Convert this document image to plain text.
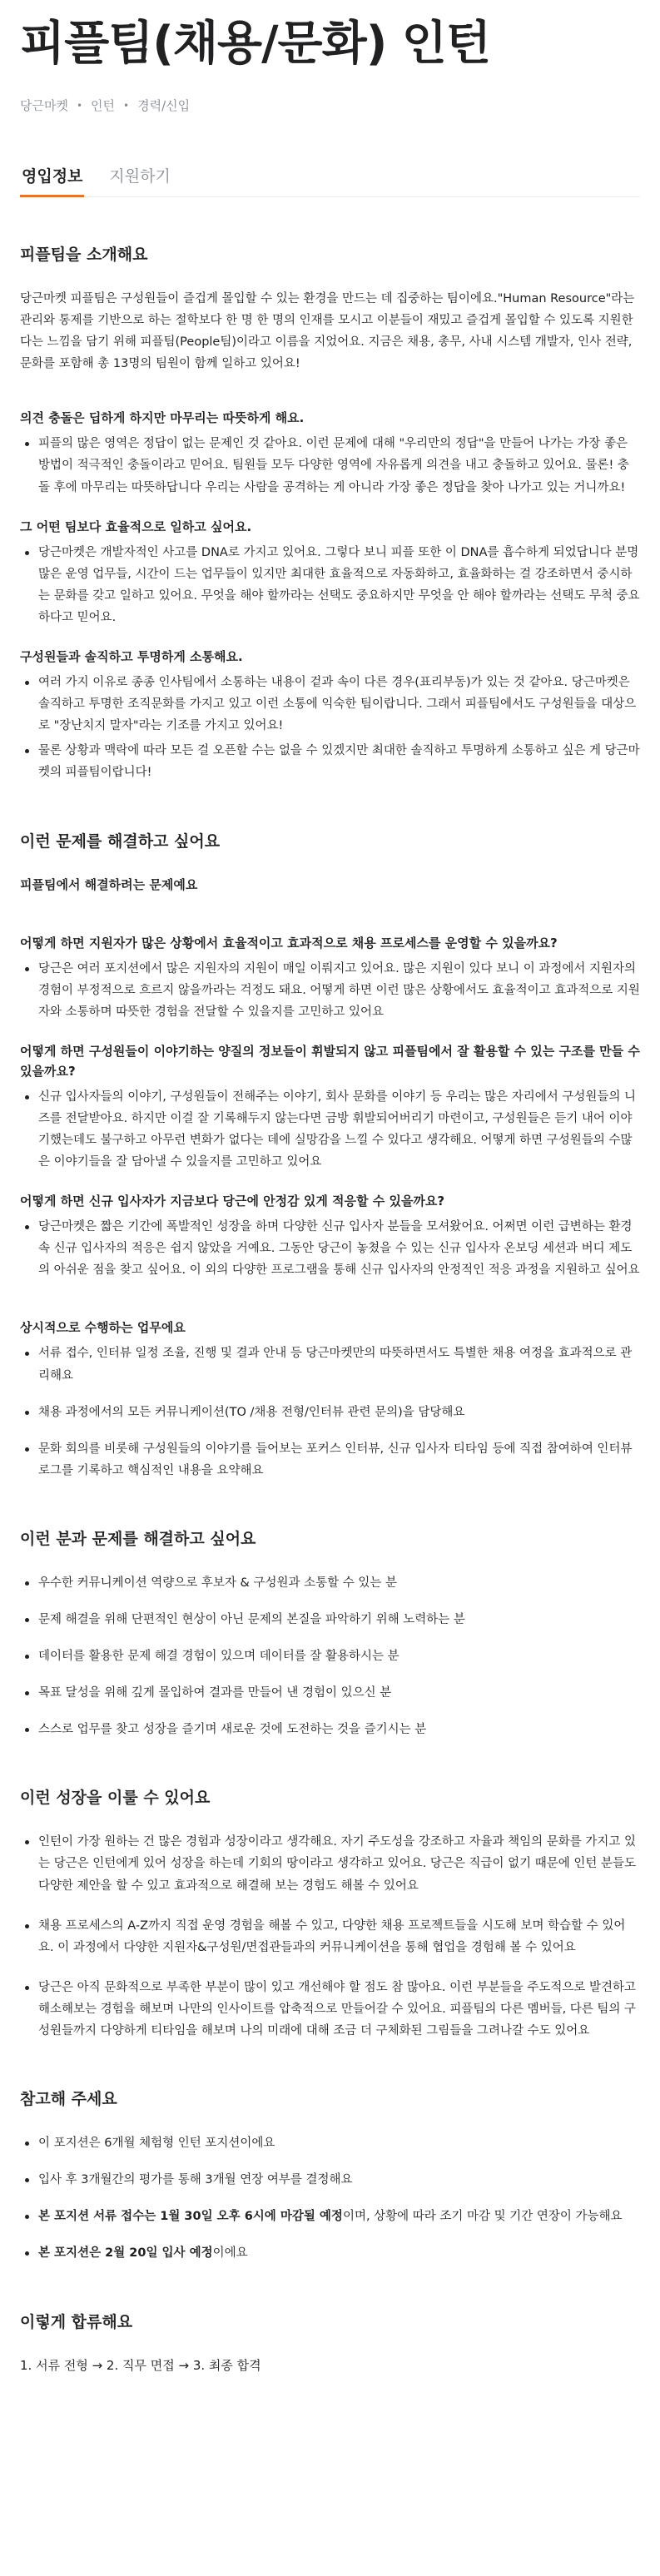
피플팀(채용/문화) 인턴
당근마켓 • 인턴 • 경력/신입
영입정보 지원하기
피플팀을 소개해요

당근마켓 피플팀은 구성원들이 즐겁게 몰입할 수 있는 환경을 만드는 데 집중하는 팀이에요."Human Resource"라는 관리와 통제를 기반으로 하는 절학보다 한 명 한 명의 인재를 모시고 이분들이 재밌고 즐겁게 몰입할 수 있도록 지원한다는 느낌을 담기 위해 피플팀(People팀)이라고 이름을 지었어요. 지금은 채용, 총무, 사내 시스템 개발자, 인사 전략, 문화를 포함해 총 13명의 팀원이 함께 일하고 있어요!

의견 충돌은 딥하게 하지만 마무리는 따뜻하게 해요.
피플의 많은 영역은 정답이 없는 문제인 것 같아요. 이런 문제에 대해 "우리만의 정답"을 만들어 나가는 가장 좋은 방법이 적극적인 충돌이라고 믿어요. 팀원들 모두 다양한 영역에 자유롭게 의견을 내고 충돌하고 있어요. 물론! 충돌 후에 마무리는 따뜻하답니다 우리는 사람을 공격하는 게 아니라 가장 좋은 정답을 찾아 나가고 있는 거니까요!
그 어떤 팀보다 효율적으로 일하고 싶어요.
당근마켓은 개발자적인 사고를 DNA로 가지고 있어요. 그렇다 보니 피플 또한 이 DNA를 흡수하게 되었답니다 분명 많은 운영 업무들, 시간이 드는 업무들이 있지만 최대한 효율적으로 자동화하고, 효율화하는 걸 강조하면서 중시하는 문화를 갖고 일하고 있어요. 무엇을 해야 할까라는 선택도 중요하지만 무엇을 안 해야 할까라는 선택도 무척 중요하다고 믿어요.
구성원들과 솔직하고 투명하게 소통해요.
여러 가지 이유로 종종 인사팀에서 소통하는 내용이 겉과 속이 다른 경우(표리부동)가 있는 것 같아요. 당근마켓은 솔직하고 투명한 조직문화를 가지고 있고 이런 소통에 익숙한 팀이랍니다. 그래서 피플팀에서도 구성원들을 대상으로 "장난치지 말자"라는 기조를 가지고 있어요!
물론 상황과 맥락에 따라 모든 걸 오픈할 수는 없을 수 있겠지만 최대한 솔직하고 투명하게 소통하고 싶은 게 당근마켓의 피플팀이랍니다!
이런 문제를 해결하고 싶어요
피플팀에서 해결하려는 문제예요
어떻게 하면 지원자가 많은 상황에서 효율적이고 효과적으로 채용 프로세스를 운영할 수 있을까요?
당근은 여러 포지션에서 많은 지원자의 지원이 매일 이뤄지고 있어요. 많은 지원이 있다 보니 이 과정에서 지원자의 경험이 부정적으로 흐르지 않을까라는 걱정도 돼요. 어떻게 하면 이런 많은 상황에서도 효율적이고 효과적으로 지원자와 소통하며 따뜻한 경험을 전달할 수 있을지를 고민하고 있어요
어떻게 하면 구성원들이 이야기하는 양질의 정보들이 휘발되지 않고 피플팀에서 잘 활용할 수 있는 구조를 만들 수 있을까요?
신규 입사자들의 이야기, 구성원들이 전해주는 이야기, 회사 문화를 이야기 등 우리는 많은 자리에서 구성원들의 니즈를 전달받아요. 하지만 이걸 잘 기록해두지 않는다면 금방 휘발되어버리기 마련이고, 구성원들은 듣기 내어 이야기했는데도 불구하고 아무런 변화가 없다는 데에 실망감을 느낄 수 있다고 생각해요. 어떻게 하면 구성원들의 수많은 이야기들을 잘 담아낼 수 있을지를 고민하고 있어요
어떻게 하면 신규 입사자가 지금보다 당근에 안정감 있게 적응할 수 있을까요?
당근마켓은 짧은 기간에 폭발적인 성장을 하며 다양한 신규 입사자 분들을 모셔왔어요. 어쩌면 이런 급변하는 환경 속 신규 입사자의 적응은 쉽지 않았을 거예요. 그동안 당근이 놓쳤을 수 있는 신규 입사자 온보딩 세션과 버디 제도의 아쉬운 점을 찾고 싶어요. 이 외의 다양한 프로그램을 통해 신규 입사자의 안정적인 적응 과정을 지원하고 싶어요
상시적으로 수행하는 업무에요
서류 접수, 인터뷰 일정 조율, 진행 및 결과 안내 등 당근마켓만의 따뜻하면서도 특별한 채용 여정을 효과적으로 관리해요
채용 과정에서의 모든 커뮤니케이션(TO /채용 전형/인터뷰 관련 문의)을 담당해요
문화 회의를 비롯해 구성원들의 이야기를 들어보는 포커스 인터뷰, 신규 입사자 티타임 등에 직접 참여하여 인터뷰 로그를 기록하고 핵심적인 내용을 요약해요
이런 분과 문제를 해결하고 싶어요
우수한 커뮤니케이션 역량으로 후보자 & 구성원과 소통할 수 있는 분
문제 해결을 위해 단편적인 현상이 아닌 문제의 본질을 파악하기 위해 노력하는 분
데이터를 활용한 문제 해결 경험이 있으며 데이터를 잘 활용하시는 분
목표 달성을 위해 깊게 몰입하여 결과를 만들어 낸 경험이 있으신 분
스스로 업무를 찾고 성장을 즐기며 새로운 것에 도전하는 것을 즐기시는 분
이런 성장을 이룰 수 있어요
인턴이 가장 원하는 건 많은 경험과 성장이라고 생각해요. 자기 주도성을 강조하고 자율과 책임의 문화를 가지고 있는 당근은 인턴에게 있어 성장을 하는데 기회의 땅이라고 생각하고 있어요. 당근은 직급이 없기 때문에 인턴 분들도 다양한 제안을 할 수 있고 효과적으로 해결해 보는 경험도 해볼 수 있어요
채용 프로세스의 A-Z까지 직접 운영 경험을 해볼 수 있고, 다양한 채용 프로젝트들을 시도해 보며 학습할 수 있어요. 이 과정에서 다양한 지원자&구성원/면접관들과의 커뮤니케이션을 통해 협업을 경험해 볼 수 있어요
당근은 아직 문화적으로 부족한 부분이 많이 있고 개선해야 할 점도 참 많아요. 이런 부분들을 주도적으로 발견하고 해소해보는 경험을 해보며 나만의 인사이트를 압축적으로 만들어갈 수 있어요. 피플팀의 다른 멤버들, 다른 팀의 구성원들까지 다양하게 티타임을 해보며 나의 미래에 대해 조금 더 구체화된 그림들을 그려나갈 수도 있어요
참고해 주세요
이 포지션은 6개월 체험형 인턴 포지션이에요
입사 후 3개월간의 평가를 통해 3개월 연장 여부를 결정해요
본 포지션 서류 접수는 1월 30일 오후 6시에 마감될 예정이며, 상황에 따라 조기 마감 및 기간 연장이 가능해요
본 포지션은 2월 20일 입사 예정이에요
이렇게 합류해요
1. 서류 전형 → 2. 직무 면접 → 3. 최종 합격
